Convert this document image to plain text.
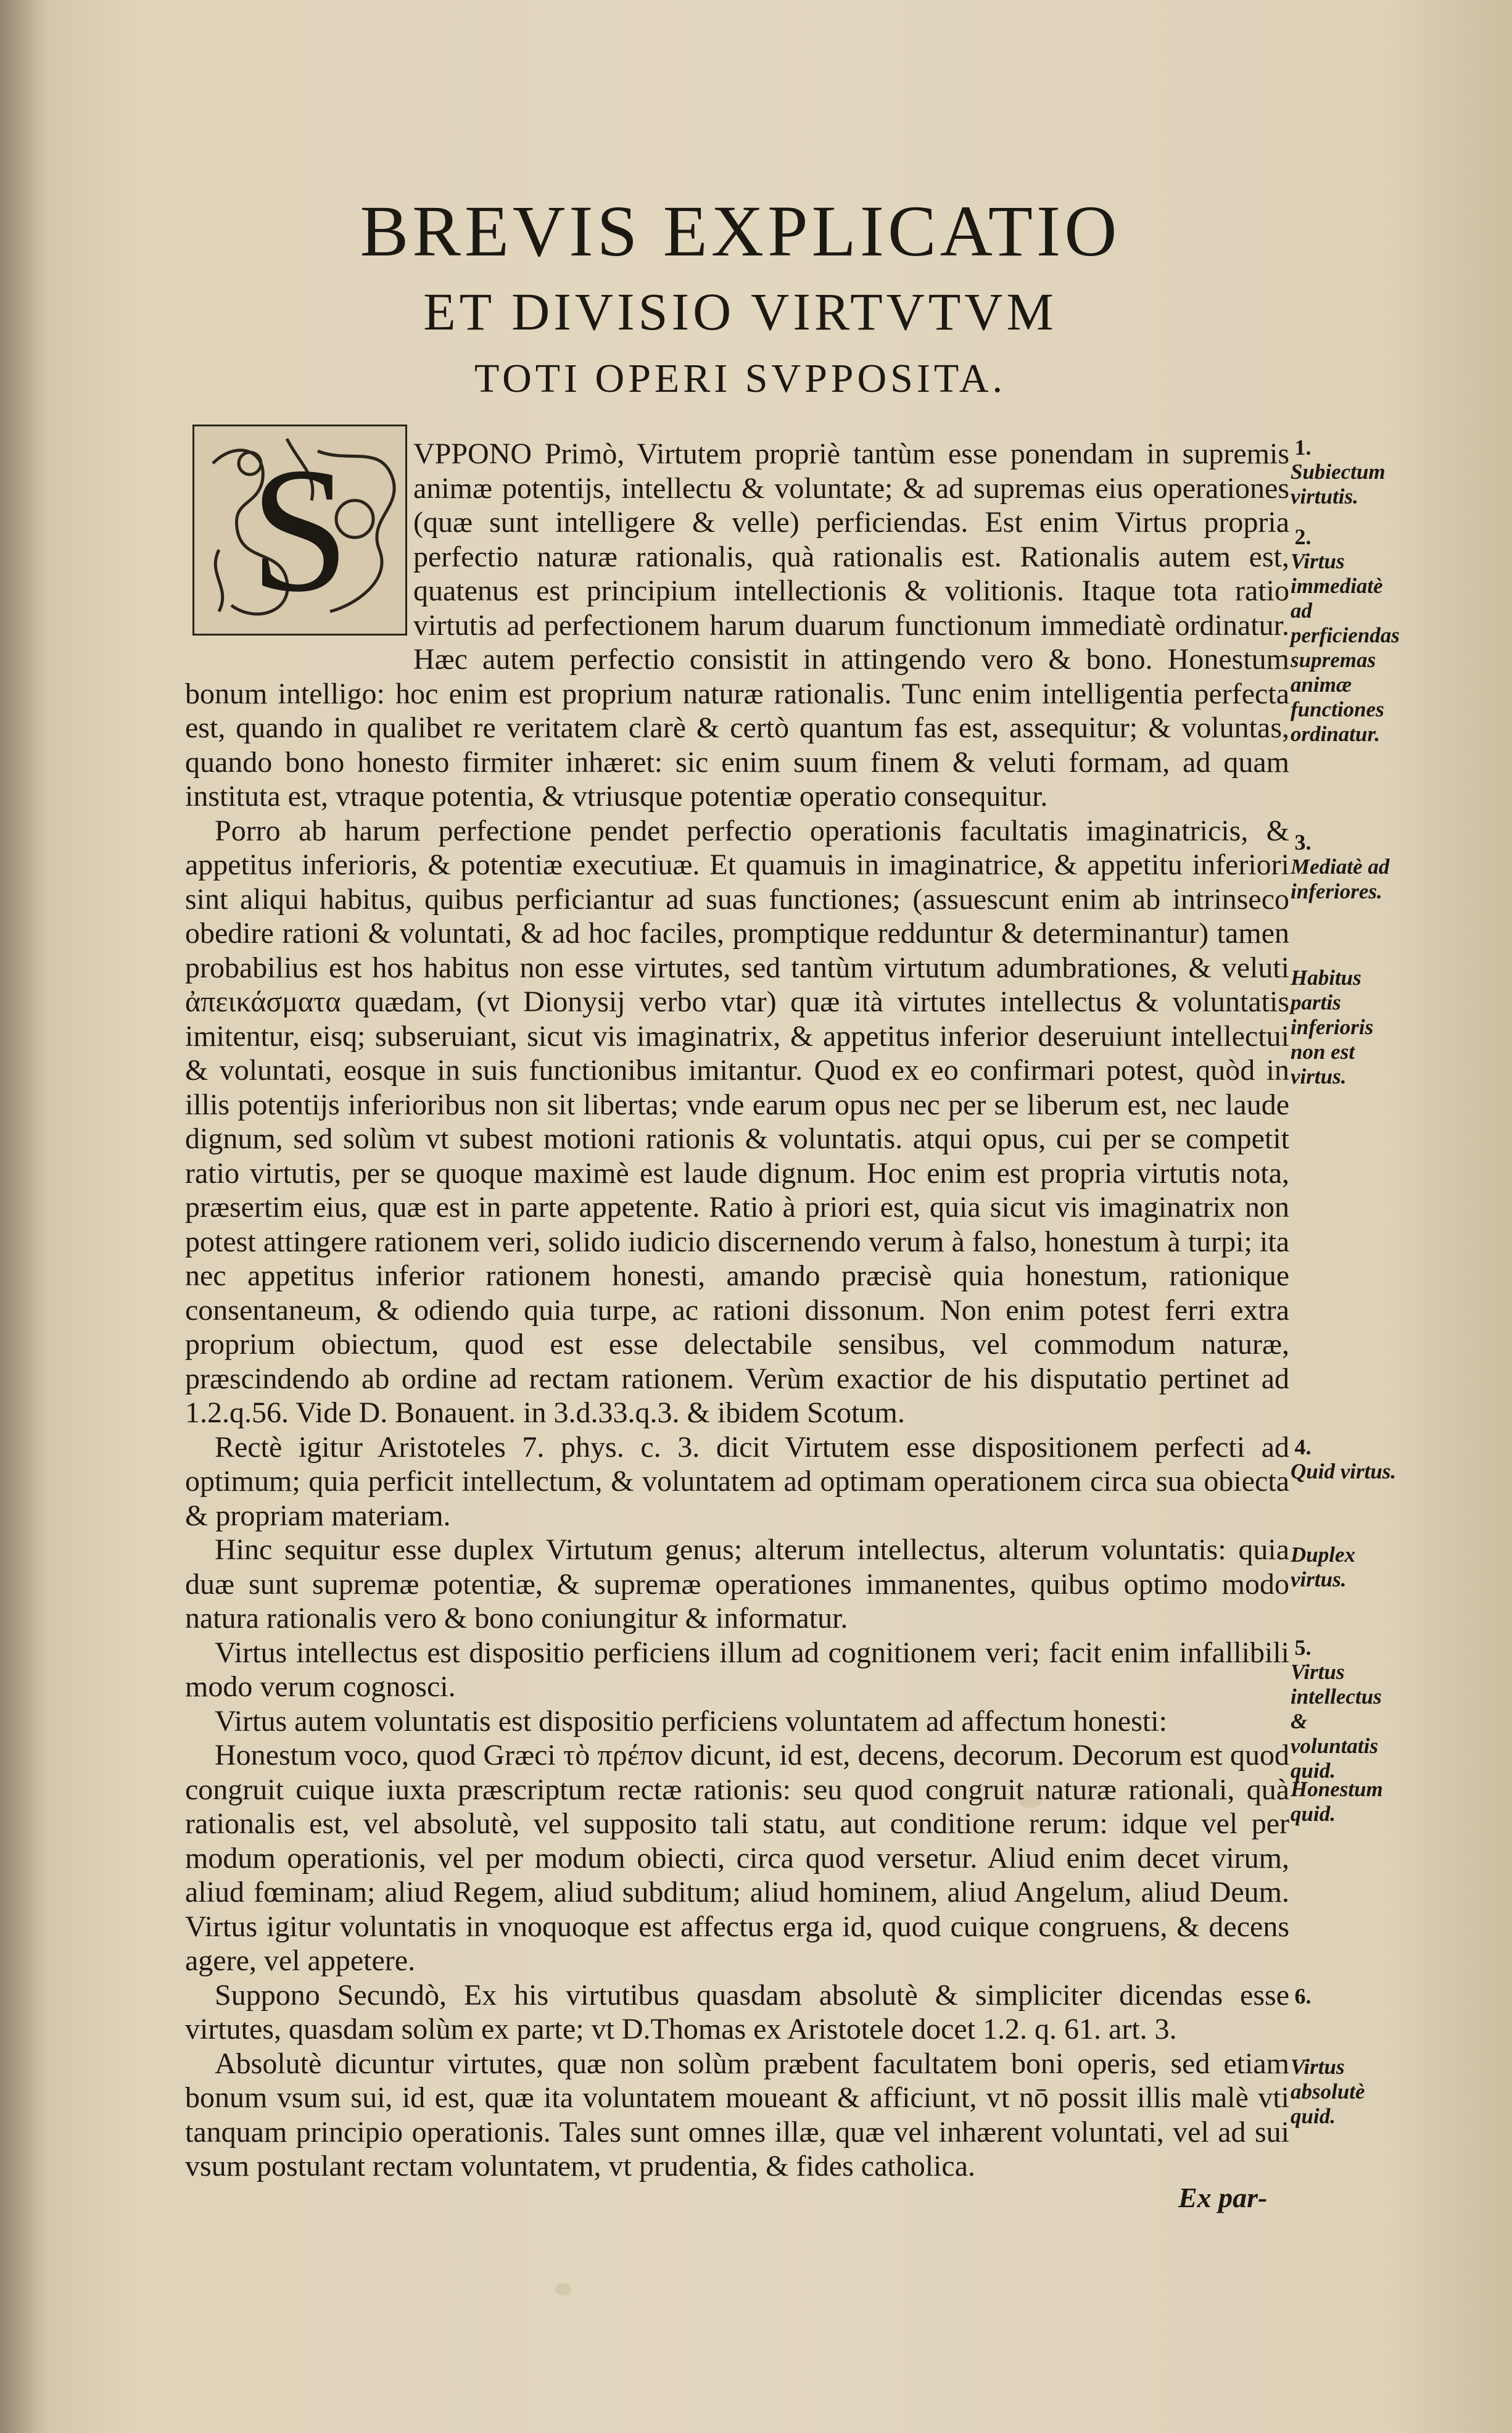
BREVIS EXPLICATIO
ET DIVISIO VIRTVTVM
TOTI OPERI SVPPOSITA.
S	VPPONO Primò, Virtutem propriè tantùm esse ponendam in supremis animæ potentijs, intellectu & voluntate; & ad supremas eius operationes (quæ sunt intelligere & velle) perficiendas. Est enim Virtus propria perfectio naturæ rationalis, quà rationalis est. Rationalis autem est, quatenus est principium intellectionis & volitionis. Itaque tota ratio virtutis ad perfectionem harum duarum functionum immediatè ordinatur. Hæc autem perfectio consistit in attingendo vero & bono. Honestum bonum intelligo: hoc enim est proprium naturæ rationalis. Tunc enim intelligentia perfecta est, quando in qualibet re veritatem clarè & certò quantum fas est, assequitur; & voluntas, quando bono honesto firmiter inhæret: sic enim suum finem & veluti formam, ad quam instituta est, vtraque potentia, & vtriusque potentiæ operatio consequitur.

Porro ab harum perfectione pendet perfectio operationis facultatis imaginatricis, & appetitus inferioris, & potentiæ executiuæ. Et quamuis in imaginatrice, & appetitu inferiori sint aliqui habitus, quibus perficiantur ad suas functiones; (assuescunt enim ab intrinseco obedire rationi & voluntati, & ad hoc faciles, promptique redduntur & determinantur) tamen probabilius est hos habitus non esse virtutes, sed tantùm virtutum adumbrationes, & veluti ἀπεικάσματα quædam, (vt Dionysij verbo vtar) quæ ità virtutes intellectus & voluntatis imitentur, eisq; subseruiant, sicut vis imaginatrix, & appetitus inferior deseruiunt intellectui & voluntati, eosque in suis functionibus imitantur. Quod ex eo confirmari potest, quòd in illis potentijs inferioribus non sit libertas; vnde earum opus nec per se liberum est, nec laude dignum, sed solùm vt subest motioni rationis & voluntatis. atqui opus, cui per se competit ratio virtutis, per se quoque maximè est laude dignum. Hoc enim est propria virtutis nota, præsertim eius, quæ est in parte appetente. Ratio à priori est, quia sicut vis imaginatrix non potest attingere rationem veri, solido iudicio discernendo verum à falso, honestum à turpi; ita nec appetitus inferior rationem honesti, amando præcisè quia honestum, rationique consentaneum, & odiendo quia turpe, ac rationi dissonum. Non enim potest ferri extra proprium obiectum, quod est esse delectabile sensibus, vel commodum naturæ, præscindendo ab ordine ad rectam rationem. Verùm exactior de his disputatio pertinet ad 1.2.q.56. Vide D. Bonauent. in 3.d.33.q.3. & ibidem Scotum.

Rectè igitur Aristoteles 7. phys. c. 3. dicit Virtutem esse dispositionem perfecti ad optimum; quia perficit intellectum, & voluntatem ad optimam operationem circa sua obiecta & propriam materiam.

Hinc sequitur esse duplex Virtutum genus; alterum intellectus, alterum voluntatis: quia duæ sunt supremæ potentiæ, & supremæ operationes immanentes, quibus optimo modo natura rationalis vero & bono coniungitur & informatur.

Virtus intellectus est dispositio perficiens illum ad cognitionem veri; facit enim infallibili modo verum cognosci.

Virtus autem voluntatis est dispositio perficiens voluntatem ad affectum honesti:

Honestum voco, quod Græci τὸ πρέπον dicunt, id est, decens, decorum. Decorum est quod congruit cuique iuxta præscriptum rectæ rationis: seu quod congruit naturæ rationali, quà rationalis est, vel absolutè, vel supposito tali statu, aut conditione rerum: idque vel per modum operationis, vel per modum obiecti, circa quod versetur. Aliud enim decet virum, aliud fœminam; aliud Regem, aliud subditum; aliud hominem, aliud Angelum, aliud Deum. Virtus igitur voluntatis in vnoquoque est affectus erga id, quod cuique congruens, & decens agere, vel appetere.

Suppono Secundò, Ex his virtutibus quasdam absolutè & simpliciter dicendas esse virtutes, quasdam solùm ex parte; vt D.Thomas ex Aristotele docet 1.2. q. 61. art. 3.

Absolutè dicuntur virtutes, quæ non solùm præbent facultatem boni operis, sed etiam bonum vsum sui, id est, quæ ita voluntatem moueant & afficiunt, vt nō possit illis malè vti tanquam principio operationis. Tales sunt omnes illæ, quæ vel inhærent voluntati, vel ad sui vsum postulant rectam voluntatem, vt prudentia, & fides catholica.

1.
Subiectum virtutis.
2.
Virtus immediatè ad perficiendas supremas animæ functiones ordinatur.
3.
Mediatè ad inferiores.
Habitus partis inferioris non est virtus.
4.
Quid virtus.
Duplex virtus.
5.
Virtus intellectus & voluntatis quid.
Honestum quid.
6.
Virtus absolutè quid.
Ex par-
